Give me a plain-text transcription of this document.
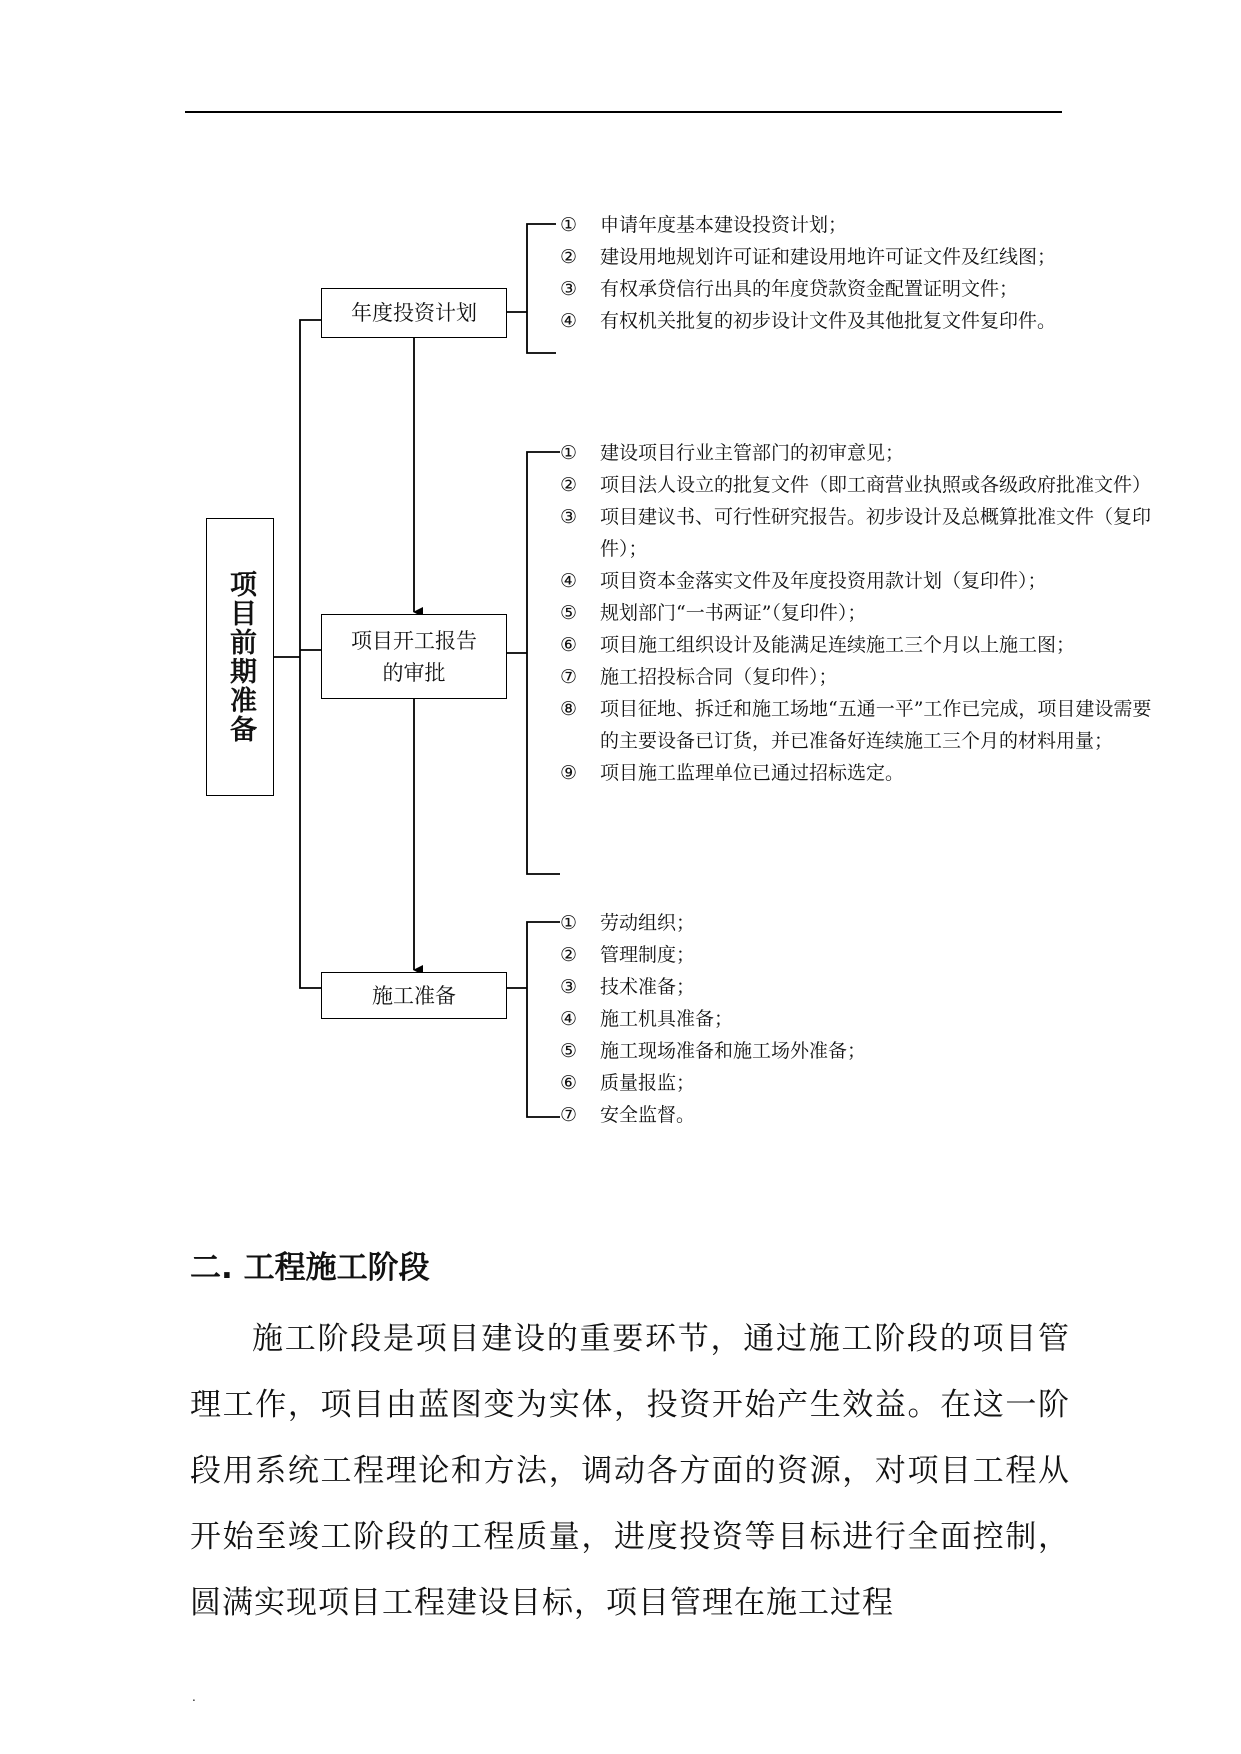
项目前期准备
年度投资计划
项目开工报告的审批
施工准备
① 申请年度基本建设投资计划；
② 建设用地规划许可证和建设用地许可证文件及红线图；
③ 有权承贷信行出具的年度贷款资金配置证明文件；
④ 有权机关批复的初步设计文件及其他批复文件复印件。
① 建设项目行业主管部门的初审意见；
② 项目法人设立的批复文件（即工商营业执照或各级政府批准文件）
③ 项目建议书、可行性研究报告。初步设计及总概算批准文件（复印件）；
④ 项目资本金落实文件及年度投资用款计划（复印件）；
⑤ 规划部门“一书两证”（复印件）；
⑥ 项目施工组织设计及能满足连续施工三个月以上施工图；
⑦ 施工招投标合同（复印件）；
⑧ 项目征地、拆迁和施工场地“五通一平”工作已完成，项目建设需要的主要设备已订货，并已准备好连续施工三个月的材料用量；
⑨ 项目施工监理单位已通过招标选定。
① 劳动组织；
② 管理制度；
③ 技术准备；
④ 施工机具准备；
⑤ 施工现场准备和施工场外准备；
⑥ 质量报监；
⑦ 安全监督。
二. 工程施工阶段

施工阶段是项目建设的重要环节，通过施工阶段的项目管理工作，项目由蓝图变为实体，投资开始产生效益。在这一阶段用系统工程理论和方法，调动各方面的资源，对项目工程从开始至竣工阶段的工程质量，进度投资等目标进行全面控制，圆满实现项目工程建设目标，项目管理在施工过程

.
